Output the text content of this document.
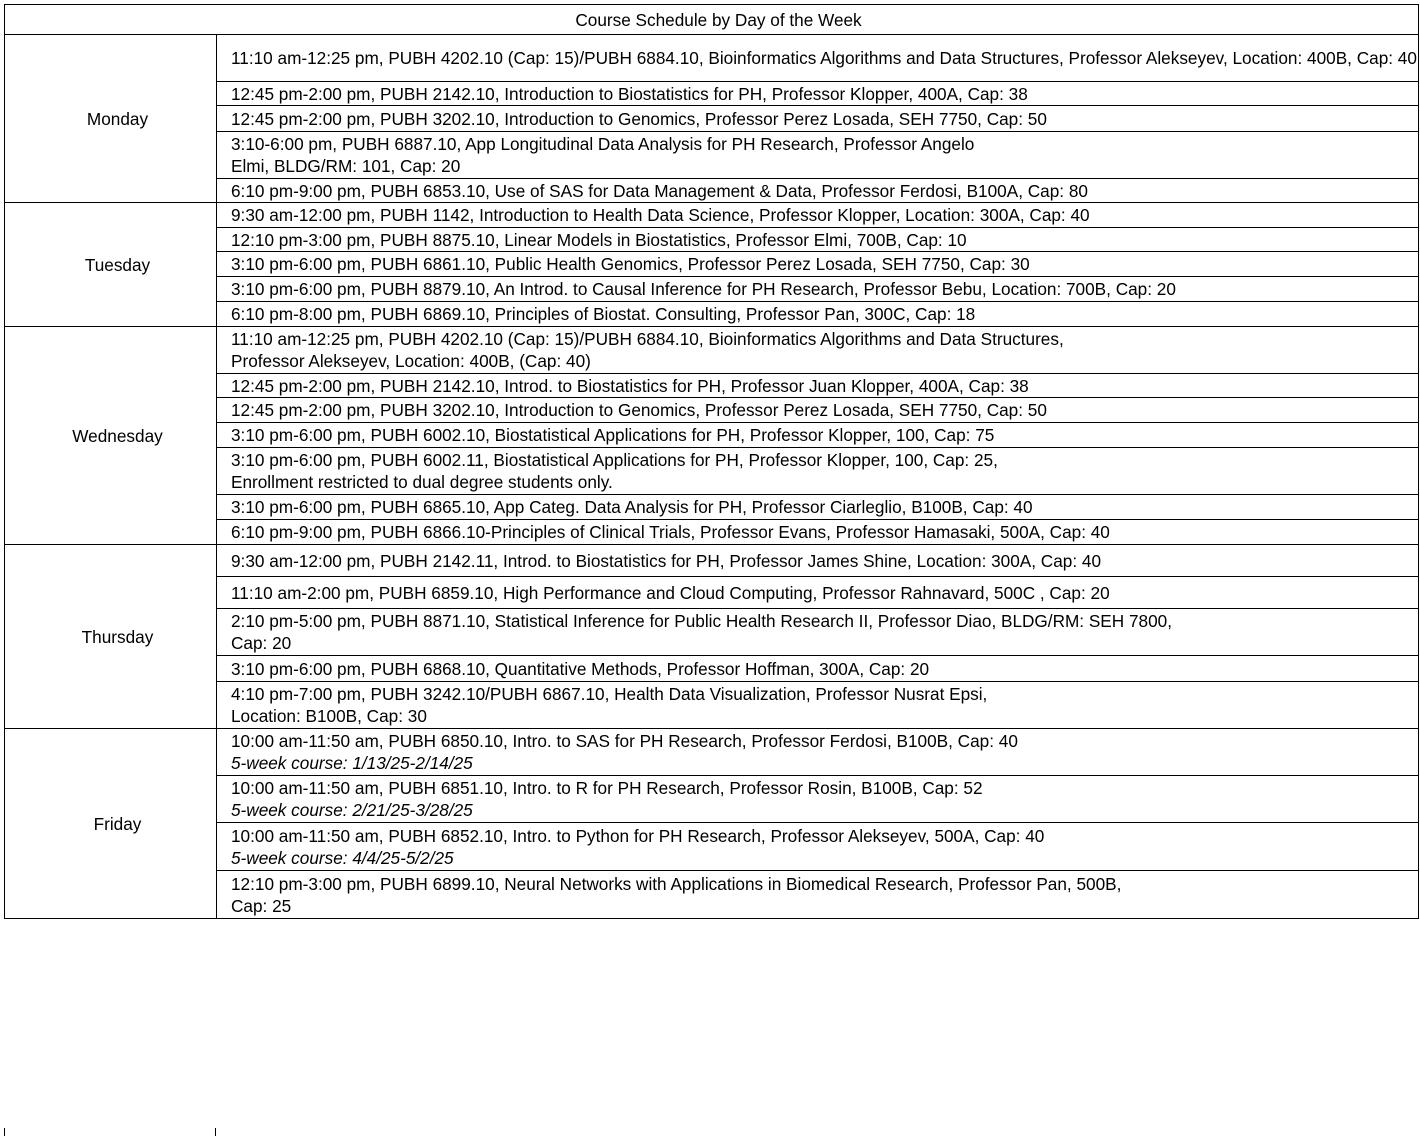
Course Schedule by Day of the Week	
Monday	11:10 am-12:25 pm, PUBH 4202.10 (Cap: 15)/PUBH 6884.10, Bioinformatics Algorithms and Data Structures, Professor Alekseyev, Location: 400B, Cap: 40

	12:45 pm-2:00 pm, PUBH 2142.10, Introduction to Biostatistics for PH, Professor Klopper, 400A, Cap: 38

	12:45 pm-2:00 pm, PUBH 3202.10, Introduction to Genomics, Professor Perez Losada, SEH 7750, Cap: 50

	3:10-6:00 pm, PUBH 6887.10, App Longitudinal Data Analysis for PH Research, Professor Angelo
Elmi, BLDG/RM: 101, Cap: 20

	6:10 pm-9:00 pm, PUBH 6853.10, Use of SAS for Data Management & Data, Professor Ferdosi, B100A, Cap: 80

Tuesday	9:30 am-12:00 pm, PUBH 1142, Introduction to Health Data Science, Professor Klopper, Location: 300A, Cap: 40

	12:10 pm-3:00 pm, PUBH 8875.10, Linear Models in Biostatistics, Professor Elmi, 700B, Cap: 10

	3:10 pm-6:00 pm, PUBH 6861.10, Public Health Genomics, Professor Perez Losada, SEH 7750, Cap: 30

	3:10 pm-6:00 pm, PUBH 8879.10, An Introd. to Causal Inference for PH Research, Professor Bebu, Location: 700B, Cap: 20

	6:10 pm-8:00 pm, PUBH 6869.10, Principles of Biostat. Consulting, Professor Pan, 300C, Cap: 18

Wednesday	11:10 am-12:25 pm, PUBH 4202.10 (Cap: 15)/PUBH 6884.10, Bioinformatics Algorithms and Data Structures,
Professor Alekseyev, Location: 400B, (Cap: 40)

	12:45 pm-2:00 pm, PUBH 2142.10, Introd. to Biostatistics for PH, Professor Juan Klopper, 400A, Cap: 38

	12:45 pm-2:00 pm, PUBH 3202.10, Introduction to Genomics, Professor Perez Losada, SEH 7750, Cap: 50

	3:10 pm-6:00 pm, PUBH 6002.10, Biostatistical Applications for PH, Professor Klopper, 100, Cap: 75

	3:10 pm-6:00 pm, PUBH 6002.11, Biostatistical Applications for PH, Professor Klopper, 100, Cap: 25,
Enrollment restricted to dual degree students only.

	3:10 pm-6:00 pm, PUBH 6865.10, App Categ. Data Analysis for PH, Professor Ciarleglio, B100B, Cap: 40

	6:10 pm-9:00 pm, PUBH 6866.10-Principles of Clinical Trials, Professor Evans, Professor Hamasaki, 500A, Cap: 40

Thursday	9:30 am-12:00 pm, PUBH 2142.11, Introd. to Biostatistics for PH, Professor James Shine, Location: 300A, Cap: 40

	11:10 am-2:00 pm, PUBH 6859.10, High Performance and Cloud Computing, Professor Rahnavard, 500C , Cap: 20

	2:10 pm-5:00 pm, PUBH 8871.10, Statistical Inference for Public Health Research II, Professor Diao, BLDG/RM: SEH 7800,
Cap: 20

	3:10 pm-6:00 pm, PUBH 6868.10, Quantitative Methods, Professor Hoffman, 300A, Cap: 20

	4:10 pm-7:00 pm, PUBH 3242.10/PUBH 6867.10, Health Data Visualization, Professor Nusrat Epsi,
Location: B100B, Cap: 30

Friday	10:00 am-11:50 am, PUBH 6850.10, Intro. to SAS for PH Research, Professor Ferdosi, B100B, Cap: 40
5-week course: 1/13/25-2/14/25

	10:00 am-11:50 am, PUBH 6851.10, Intro. to R for PH Research, Professor Rosin, B100B, Cap: 52
5-week course: 2/21/25-3/28/25

	10:00 am-11:50 am, PUBH 6852.10, Intro. to Python for PH Research, Professor Alekseyev, 500A, Cap: 40
5-week course: 4/4/25-5/2/25

	12:10 pm-3:00 pm, PUBH 6899.10, Neural Networks with Applications in Biomedical Research, Professor Pan, 500B,
Cap: 25
